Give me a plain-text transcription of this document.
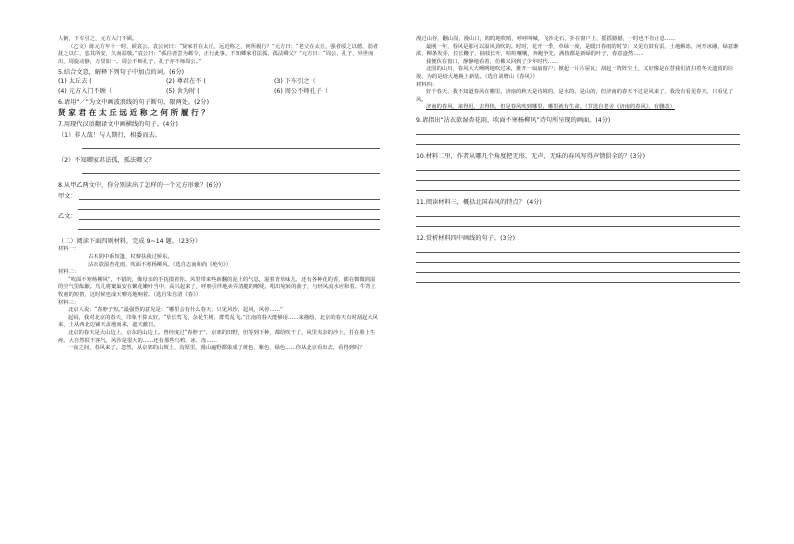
人俯，下车引之，元方入门不顾。

（乙文）陈元方年十一时，候袁公。袁公问曰：“贤家君在太丘，远近称之，何所履行？”元方曰：“老父在太丘，强者绥之以德，弱者抚之以仁，恣其所安，久而益敬。”袁公曰：“孤往者尝为邺令，正行此事。不知卿家君法孤，孤法卿父？”元方曰：“周公、孔子，异世而出，周旋动静，万里如一。周公不师孔子，孔子亦不师周公。”

5.结合文意，解释下列句子中加点的词。(6分)
(1) 太丘去 (	(2) 尊君在不 (	(3) 下车引之（
(4) 元方入门不顾（	(5) 舍为时 (	(6) 周公不师孔子（
6.请用“／”为文中画波浪线的句子断句，限两处。(2分)
贤 家 君 在 太 丘 远 近 称 之 何 所 履 行 ？
7.用现代汉语翻译文中画横线的句子。(4分)
（1）非人哉！与人期行，相委而去。
（2）不知卿家君法孤，孤法卿父？
8.从甲乙两文中，你分别读出了怎样的一个元方形象？(6分)
甲文：
乙文：
（二）阅读下面四则材料，完成 9~14 题。（23分）

材料一：

古木阴中系短篷，杖藜扶我过桥东。

沾衣欲湿杏花雨，吹面不寒杨柳风。（选自志南和尚《绝句》）

材料二：

“吹面不寒杨柳风”，不错的，像母亲的手抚摸着你。风里带来些新翻的泥土的气息，混着青草味儿，还有各种花的香，都在微微润湿的空气里酝酿。鸟儿将窠巢安在繁花嫩叶当中，高兴起来了，呼朋引伴地卖弄清脆的喉咙，唱出宛转的曲子，与轻风流水应和着。牛背上牧童的短笛，这时候也成天嘹亮地响着。（选自朱自清《春》）

材料三：

北京人说：“春脖子短。”最强烈的意见是：“哪里会有什么春天，只见风沙，起风，风停……”

起码，我对北京的春天，印象不算太好。“草长莺飞，杂花生树，群莺乱飞。”江南的春天能够用……来描绘，北京的春天有时刮起大风来，土从西北边铺天盖地而来，遮天蔽日。

北京的春天是大山边上，京东的山边上。曾经度过“春脖子”，京郊的田野，但等到下种，都给吹干了，风里夹杂的沙土，打在脸上生疼。大自然很不客气，风沙是很大的……还有那些乌鸦、冰、冻……

一夜之间，春风来了。忽然，从京郊的山坡上、沟渠里，漫山遍野都染成了黄色、紫色、绿色……你从北京看出去，看得到吗？

漫过山谷，翻山岗，漫山口，呜呜地吹哨，呼呼叫喊，飞沙走石，扑在窗户上，摇摇撼撼，一时也不肯止息……

最刚一年，春风是那可以温风劲吹的。时时，花开一季，草绿一度，是暖日春雨的时节；又见有鼓有雷，土地解冻，河开冰融，绿意渐浓，柳条发芽，拉长鞭子，抽枝长叶，喧喧嚷嚷，奔跑争先，满枝都是新绿的叶子，春意盎然……

我便伏在窗口，静静地看着，仿佛又回到了少年时代……

北国的山川，春风大大咧咧地吹过来，推开一扇扇窗户；掀起一片片屋瓦；刮起一阵阵尘土，又好像是在替我们清扫着冬天遗留的垃圾，为的是给大地换上新装。（选自刘增山《春风》）

材料四：

好个春天，我不知道春风在哪里。济南的秋天是诗境的，是水的，是山的，但济南的春天不过是风来了，我没有看见春天，只看见了风。

济南的春风，来得迟，去得快，但是春风吹到哪里，哪里就有生命。（节选自老舍《济南的春风》，有删改）

9.请指出“沾衣欲湿杏花雨，吹面不寒杨柳风”诗句所呈现的画面。(4分)
10.材料二里，作者从哪几个角度把无形、无声、无味的春风写得声情俱全的？(3分)
11.阅读材料三，概括北国春风的特点？ (4分)
12.赏析材料四中画线的句子。(3分)
